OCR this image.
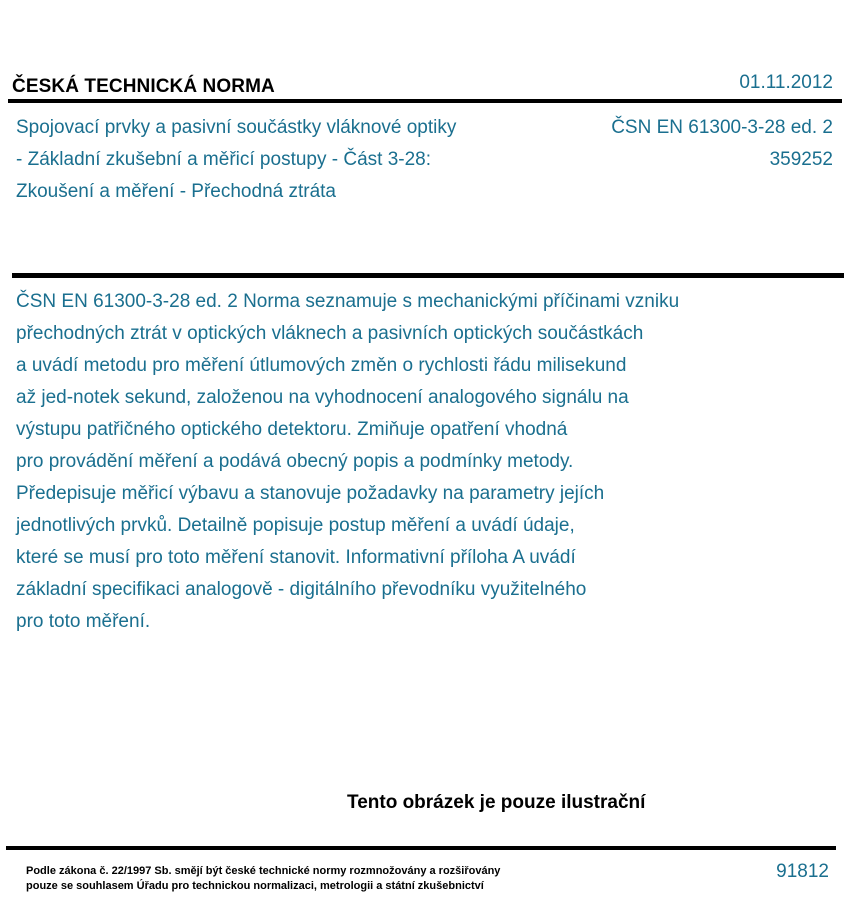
ČESKÁ TECHNICKÁ NORMA	01.11.2012
Spojovací prvky a pasivní součástky vláknové optiky
- Základní zkušební a měřicí postupy - Část 3-28:
Zkoušení a měření - Přechodná ztráta
ČSN EN 61300-3-28 ed. 2
359252
ČSN EN 61300-3-28 ed. 2 Norma seznamuje s mechanickými příčinami vzniku
přechodných ztrát v optických vláknech a pasivních optických součástkách
a uvádí metodu pro měření útlumových změn o rychlosti řádu milisekund
až jed-notek sekund, založenou na vyhodnocení analogového signálu na
výstupu patřičného optického detektoru. Zmiňuje opatření vhodná
pro provádění měření a podává obecný popis a podmínky metody.
Předepisuje měřicí výbavu a stanovuje požadavky na parametry jejích
jednotlivých prvků. Detailně popisuje postup měření a uvádí údaje,
které se musí pro toto měření stanovit. Informativní příloha A uvádí
základní specifikaci analogově - digitálního převodníku využitelného
pro toto měření.
Tento obrázek je pouze ilustrační
Podle zákona č. 22/1997 Sb. smějí být české technické normy rozmnožovány a rozšiřovány
pouze se souhlasem Úřadu pro technickou normalizaci, metrologii a státní zkušebnictví
91812
